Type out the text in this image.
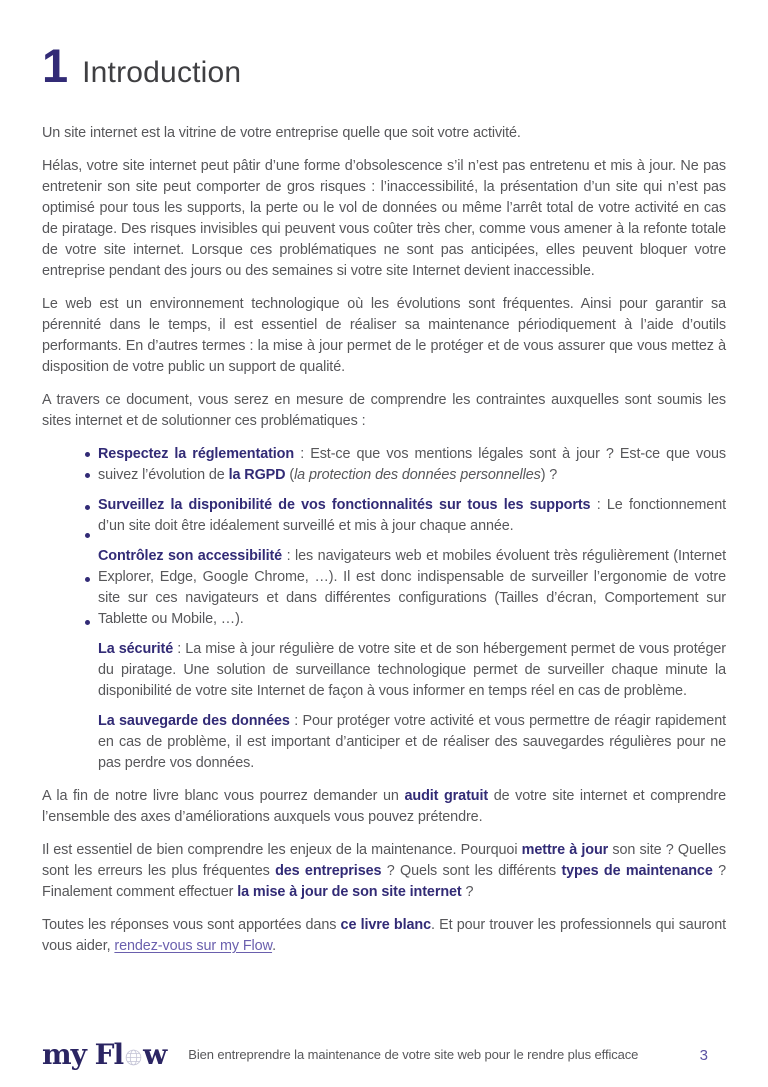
1 Introduction

Un site internet est la vitrine de votre entreprise quelle que soit votre activité.

Hélas, votre site internet peut pâtir d’une forme d’obsolescence s’il n’est pas entretenu et mis à jour. Ne pas entretenir son site peut comporter de gros risques : l’inaccessibilité, la présentation d’un site qui n’est pas optimisé pour tous les supports, la perte ou le vol de données ou même l’arrêt total de votre activité en cas de piratage. Des risques invisibles qui peuvent vous coûter très cher, comme vous amener à la refonte totale de votre site internet. Lorsque ces problématiques ne sont pas anticipées, elles peuvent bloquer votre entreprise pendant des jours ou des semaines si votre site Internet devient inaccessible.

Le web est un environnement technologique où les évolutions sont fréquentes. Ainsi pour garantir sa pérennité dans le temps, il est essentiel de réaliser sa maintenance périodiquement à l’aide d’outils performants. En d’autres termes : la mise à jour permet de le protéger et de vous assurer que vous mettez à disposition de votre public un support de qualité.

A travers ce document, vous serez en mesure de comprendre les contraintes auxquelles sont soumis les sites internet et de solutionner ces problématiques :

Respectez la réglementation : Est-ce que vos mentions légales sont à jour ? Est-ce que vous suivez l’évolution de la RGPD (la protection des données personnelles) ?

Surveillez la disponibilité de vos fonctionnalités sur tous les supports : Le fonctionnement d’un site doit être idéalement surveillé et mis à jour chaque année.

Contrôlez son accessibilité : les navigateurs web et mobiles évoluent très régulièrement (Internet Explorer, Edge, Google Chrome, …). Il est donc indispensable de surveiller l’ergonomie de votre site sur ces navigateurs et dans différentes configurations (Tailles d’écran, Comportement sur Tablette ou Mobile, …).

La sécurité : La mise à jour régulière de votre site et de son hébergement permet de vous protéger du piratage. Une solution de surveillance technologique permet de surveiller chaque minute la disponibilité de votre site Internet de façon à vous informer en temps réel en cas de problème.

La sauvegarde des données : Pour protéger votre activité et vous permettre de réagir rapidement en cas de problème, il est important d’anticiper et de réaliser des sauvegardes régulières pour ne pas perdre vos données.

A la fin de notre livre blanc vous pourrez demander un audit gratuit de votre site internet et comprendre l’ensemble des axes d’améliorations auxquels vous pouvez prétendre.

Il est essentiel de bien comprendre les enjeux de la maintenance. Pourquoi mettre à jour son site ? Quelles sont les erreurs les plus fréquentes des entreprises ? Quels sont les différents types de maintenance ? Finalement comment effectuer la mise à jour de son site internet ?

Toutes les réponses vous sont apportées dans ce livre blanc. Et pour trouver les professionnels qui sauront vous aider, rendez-vous sur my Flow.

my Fl w Bien entreprendre la maintenance de votre site web pour le rendre plus efficace	3
